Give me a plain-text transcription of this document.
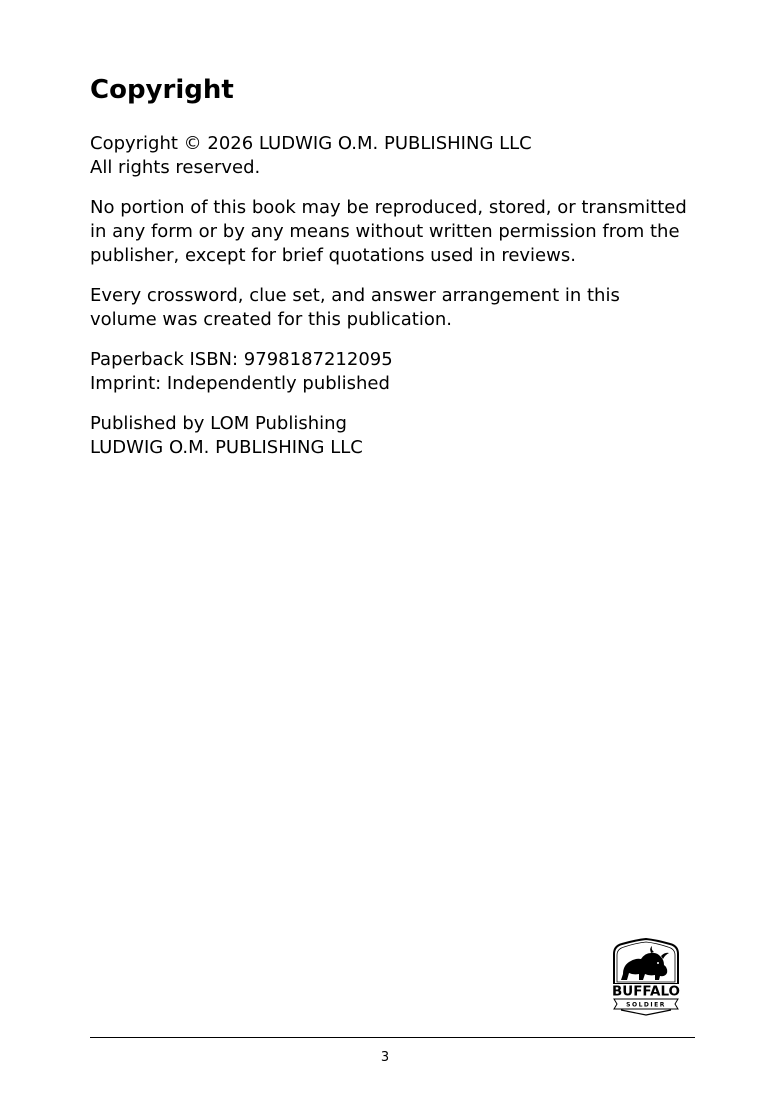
Copyright

Copyright © 2026 LUDWIG O.M. PUBLISHING LLC
All rights reserved.

No portion of this book may be reproduced, stored, or transmitted in any form or by any means without written permission from the publisher, except for brief quotations used in reviews.

Every crossword, clue set, and answer arrangement in this volume was created for this publication.

Paperback ISBN: 9798187212095
Imprint: Independently published

Published by LOM Publishing
LUDWIG O.M. PUBLISHING LLC

BUFFALO
SOLDIER
3
